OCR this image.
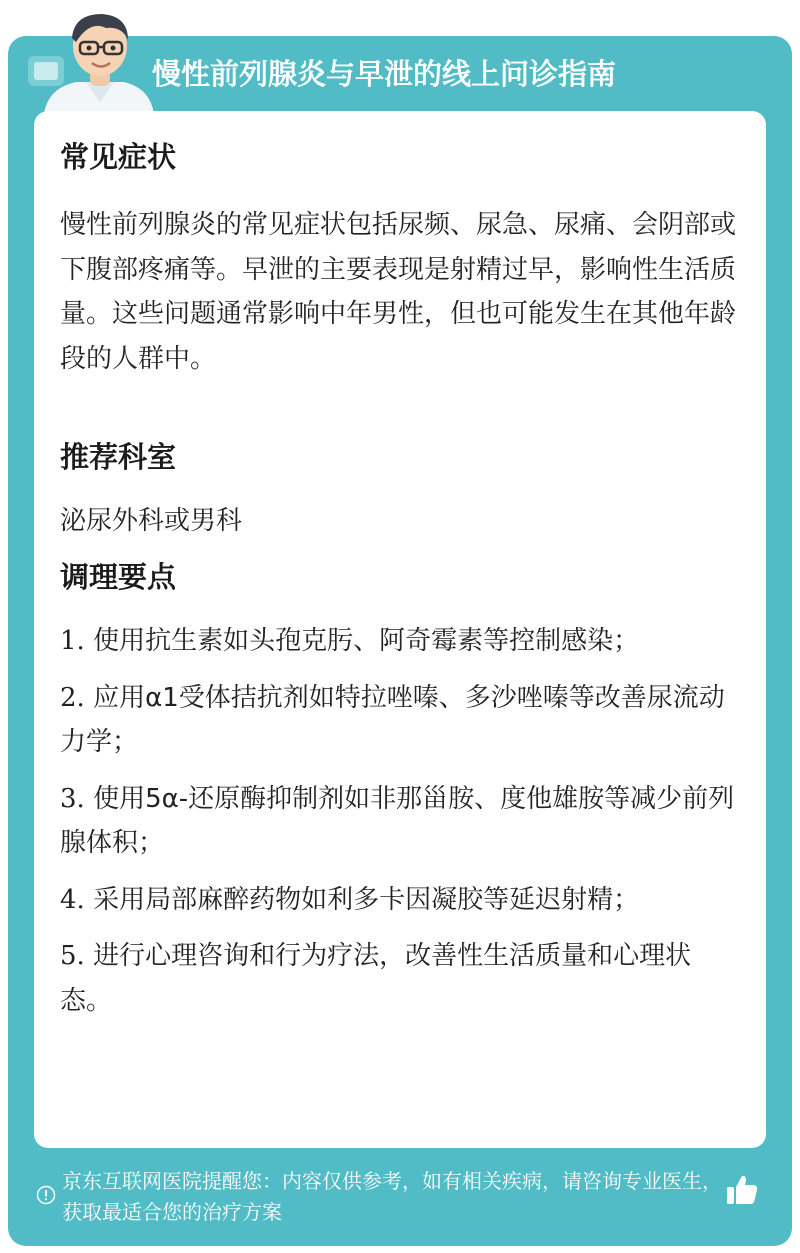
慢性前列腺炎与早泄的线上问诊指南
常见症状
慢性前列腺炎的常见症状包括尿频、尿急、尿痛、会阴部或下腹部疼痛等。早泄的主要表现是射精过早，影响性生活质量。这些问题通常影响中年男性，但也可能发生在其他年龄段的人群中。
推荐科室
泌尿外科或男科
调理要点
1. 使用抗生素如头孢克肟、阿奇霉素等控制感染；
2. 应用α1受体拮抗剂如特拉唑嗪、多沙唑嗪等改善尿流动力学；
3. 使用5α-还原酶抑制剂如非那甾胺、度他雄胺等减少前列腺体积；
4. 采用局部麻醉药物如利多卡因凝胶等延迟射精；
5. 进行心理咨询和行为疗法，改善性生活质量和心理状态。
京东互联网医院提醒您：内容仅供参考，如有相关疾病，请咨询专业医生，获取最适合您的治疗方案
